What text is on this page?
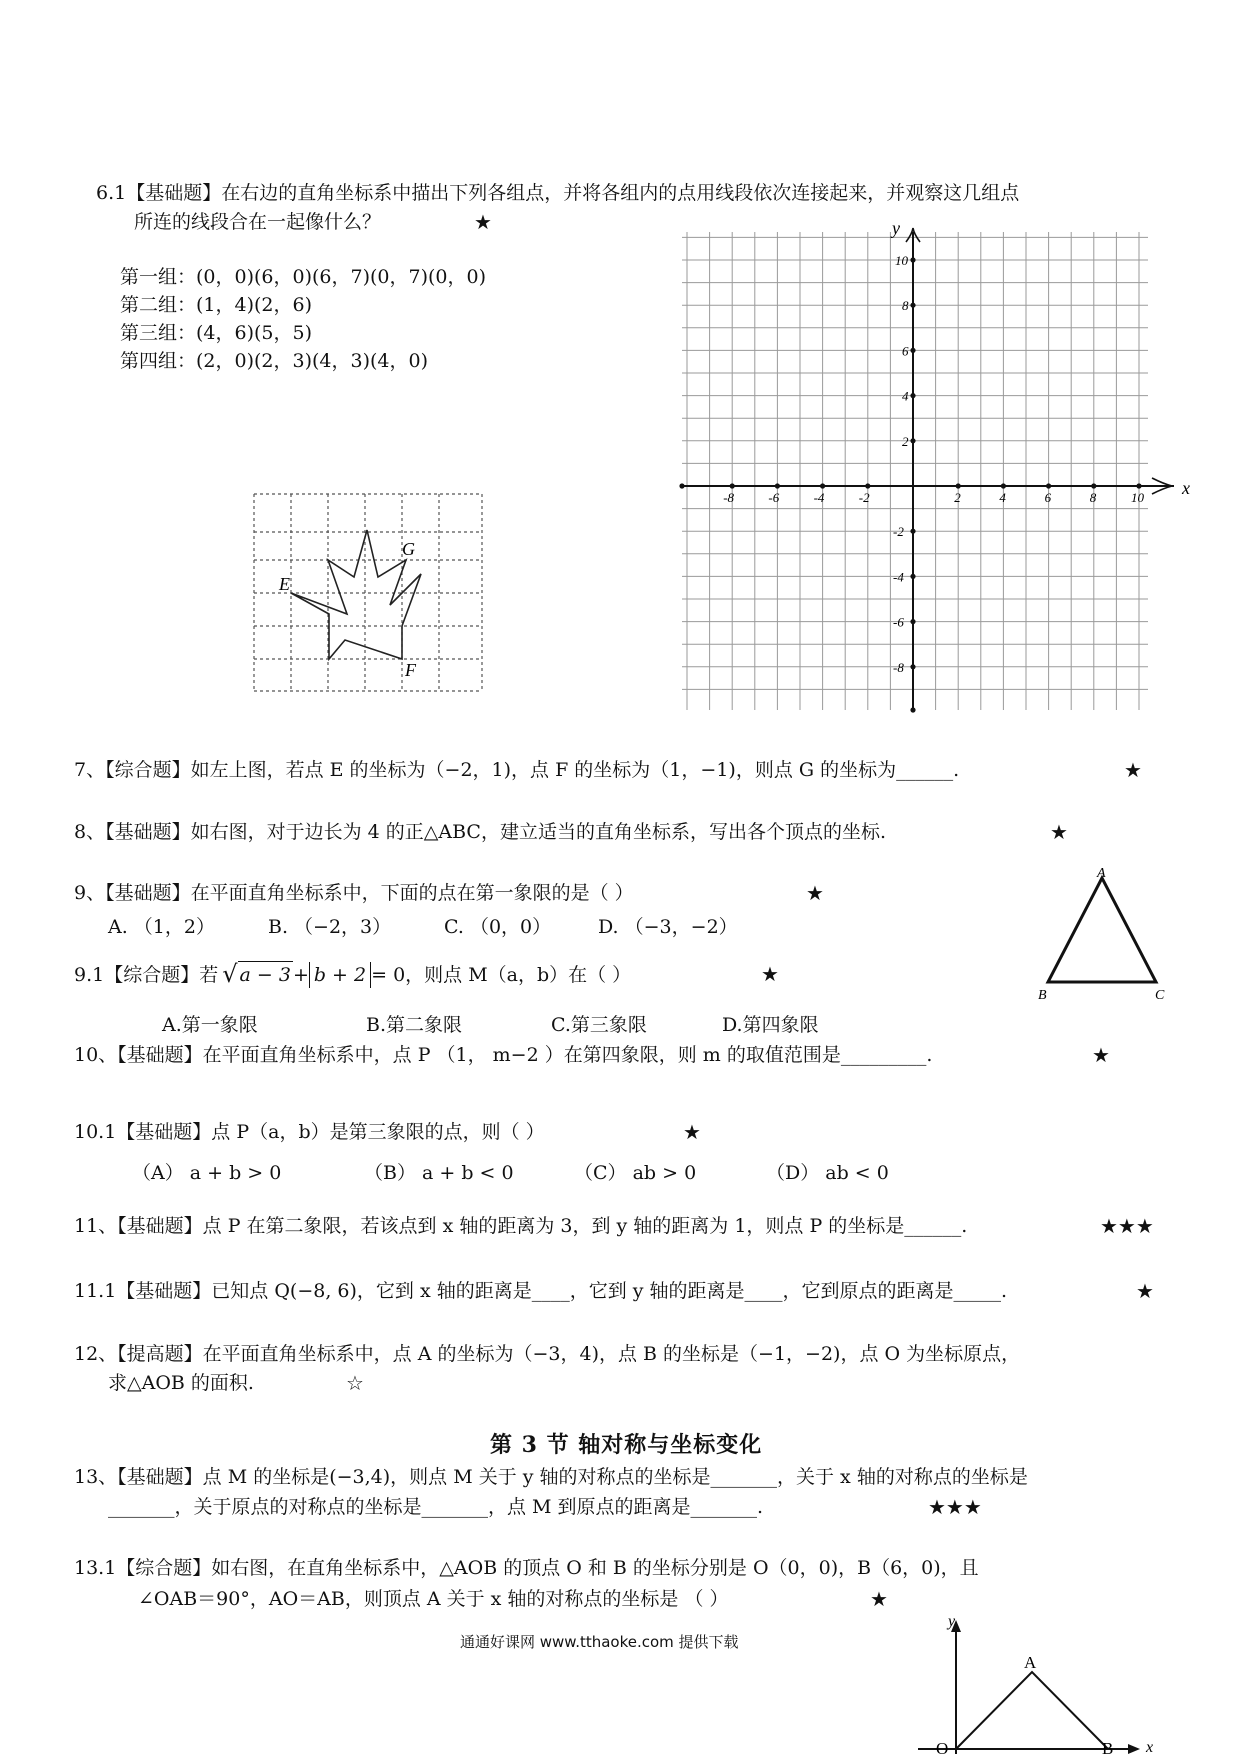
6.1【基础题】在右边的直角坐标系中描出下列各组点，并将各组内的点用线段依次连接起来，并观察这几组点
所连的线段合在一起像什么？	★
第一组：(0，0)(6，0)(6，7)(0，7)(0，0)
第二组：(1，4)(2，6)
第三组：(4，6)(5，5)
第四组：(2，0)(2，3)(4，3)(4，0)
E
G
F
-8	-6	-4	-2	2	4	6	8	10
10
8
6
4
2
-2
-4
-6
-8
y
x
7、【综合题】如左上图，若点 E 的坐标为（−2，1)，点 F 的坐标为（1，−1)，则点 G 的坐标为______.	★
8、【基础题】如右图，对于边长为 4 的正△ABC，建立适当的直角坐标系，写出各个顶点的坐标.	★
A
B	C
9、【基础题】在平面直角坐标系中，下面的点在第一象限的是（ ）	★
A. （1，2）	B. （−2，3）	C. （0，0） D. （−3，−2）
9.1【综合题】若 √ a − 3 + b + 2 = 0，则点 M（a，b）在（ ）	★
A.第一象限	B.第二象限	C.第三象限	D.第四象限
10、【基础题】在平面直角坐标系中，点 P （1， m−2 ）在第四象限，则 m 的取值范围是_________.	★
10.1【基础题】点 P（a，b）是第三象限的点，则（ ）	★
（A） a + b > 0	（B） a + b < 0	（C） ab > 0	（D） ab < 0
11、【基础题】点 P 在第二象限，若该点到 x 轴的距离为 3，到 y 轴的距离为 1，则点 P 的坐标是______.	★★★
11.1【基础题】已知点 Q(−8, 6)，它到 x 轴的距离是____，它到 y 轴的距离是____，它到原点的距离是_____.	★
12、【提高题】在平面直角坐标系中，点 A 的坐标为（−3，4)，点 B 的坐标是（−1，−2)，点 O 为坐标原点，
求△AOB 的面积.	☆
第 3 节 轴对称与坐标变化
13、【基础题】点 M 的坐标是(−3,4)，则点 M 关于 y 轴的对称点的坐标是_______，关于 x 轴的对称点的坐标是
_______，关于原点的对称点的坐标是_______，点 M 到原点的距离是_______.	★★★
13.1【综合题】如右图，在直角坐标系中，△AOB 的顶点 O 和 B 的坐标分别是 O（0，0)，B（6，0)，且
∠OAB＝90°，AO＝AB，则顶点 A 关于 x 轴的对称点的坐标是 （ ）	★
y
x
A
O	B
通通好课网 www.tthaoke.com 提供下载
